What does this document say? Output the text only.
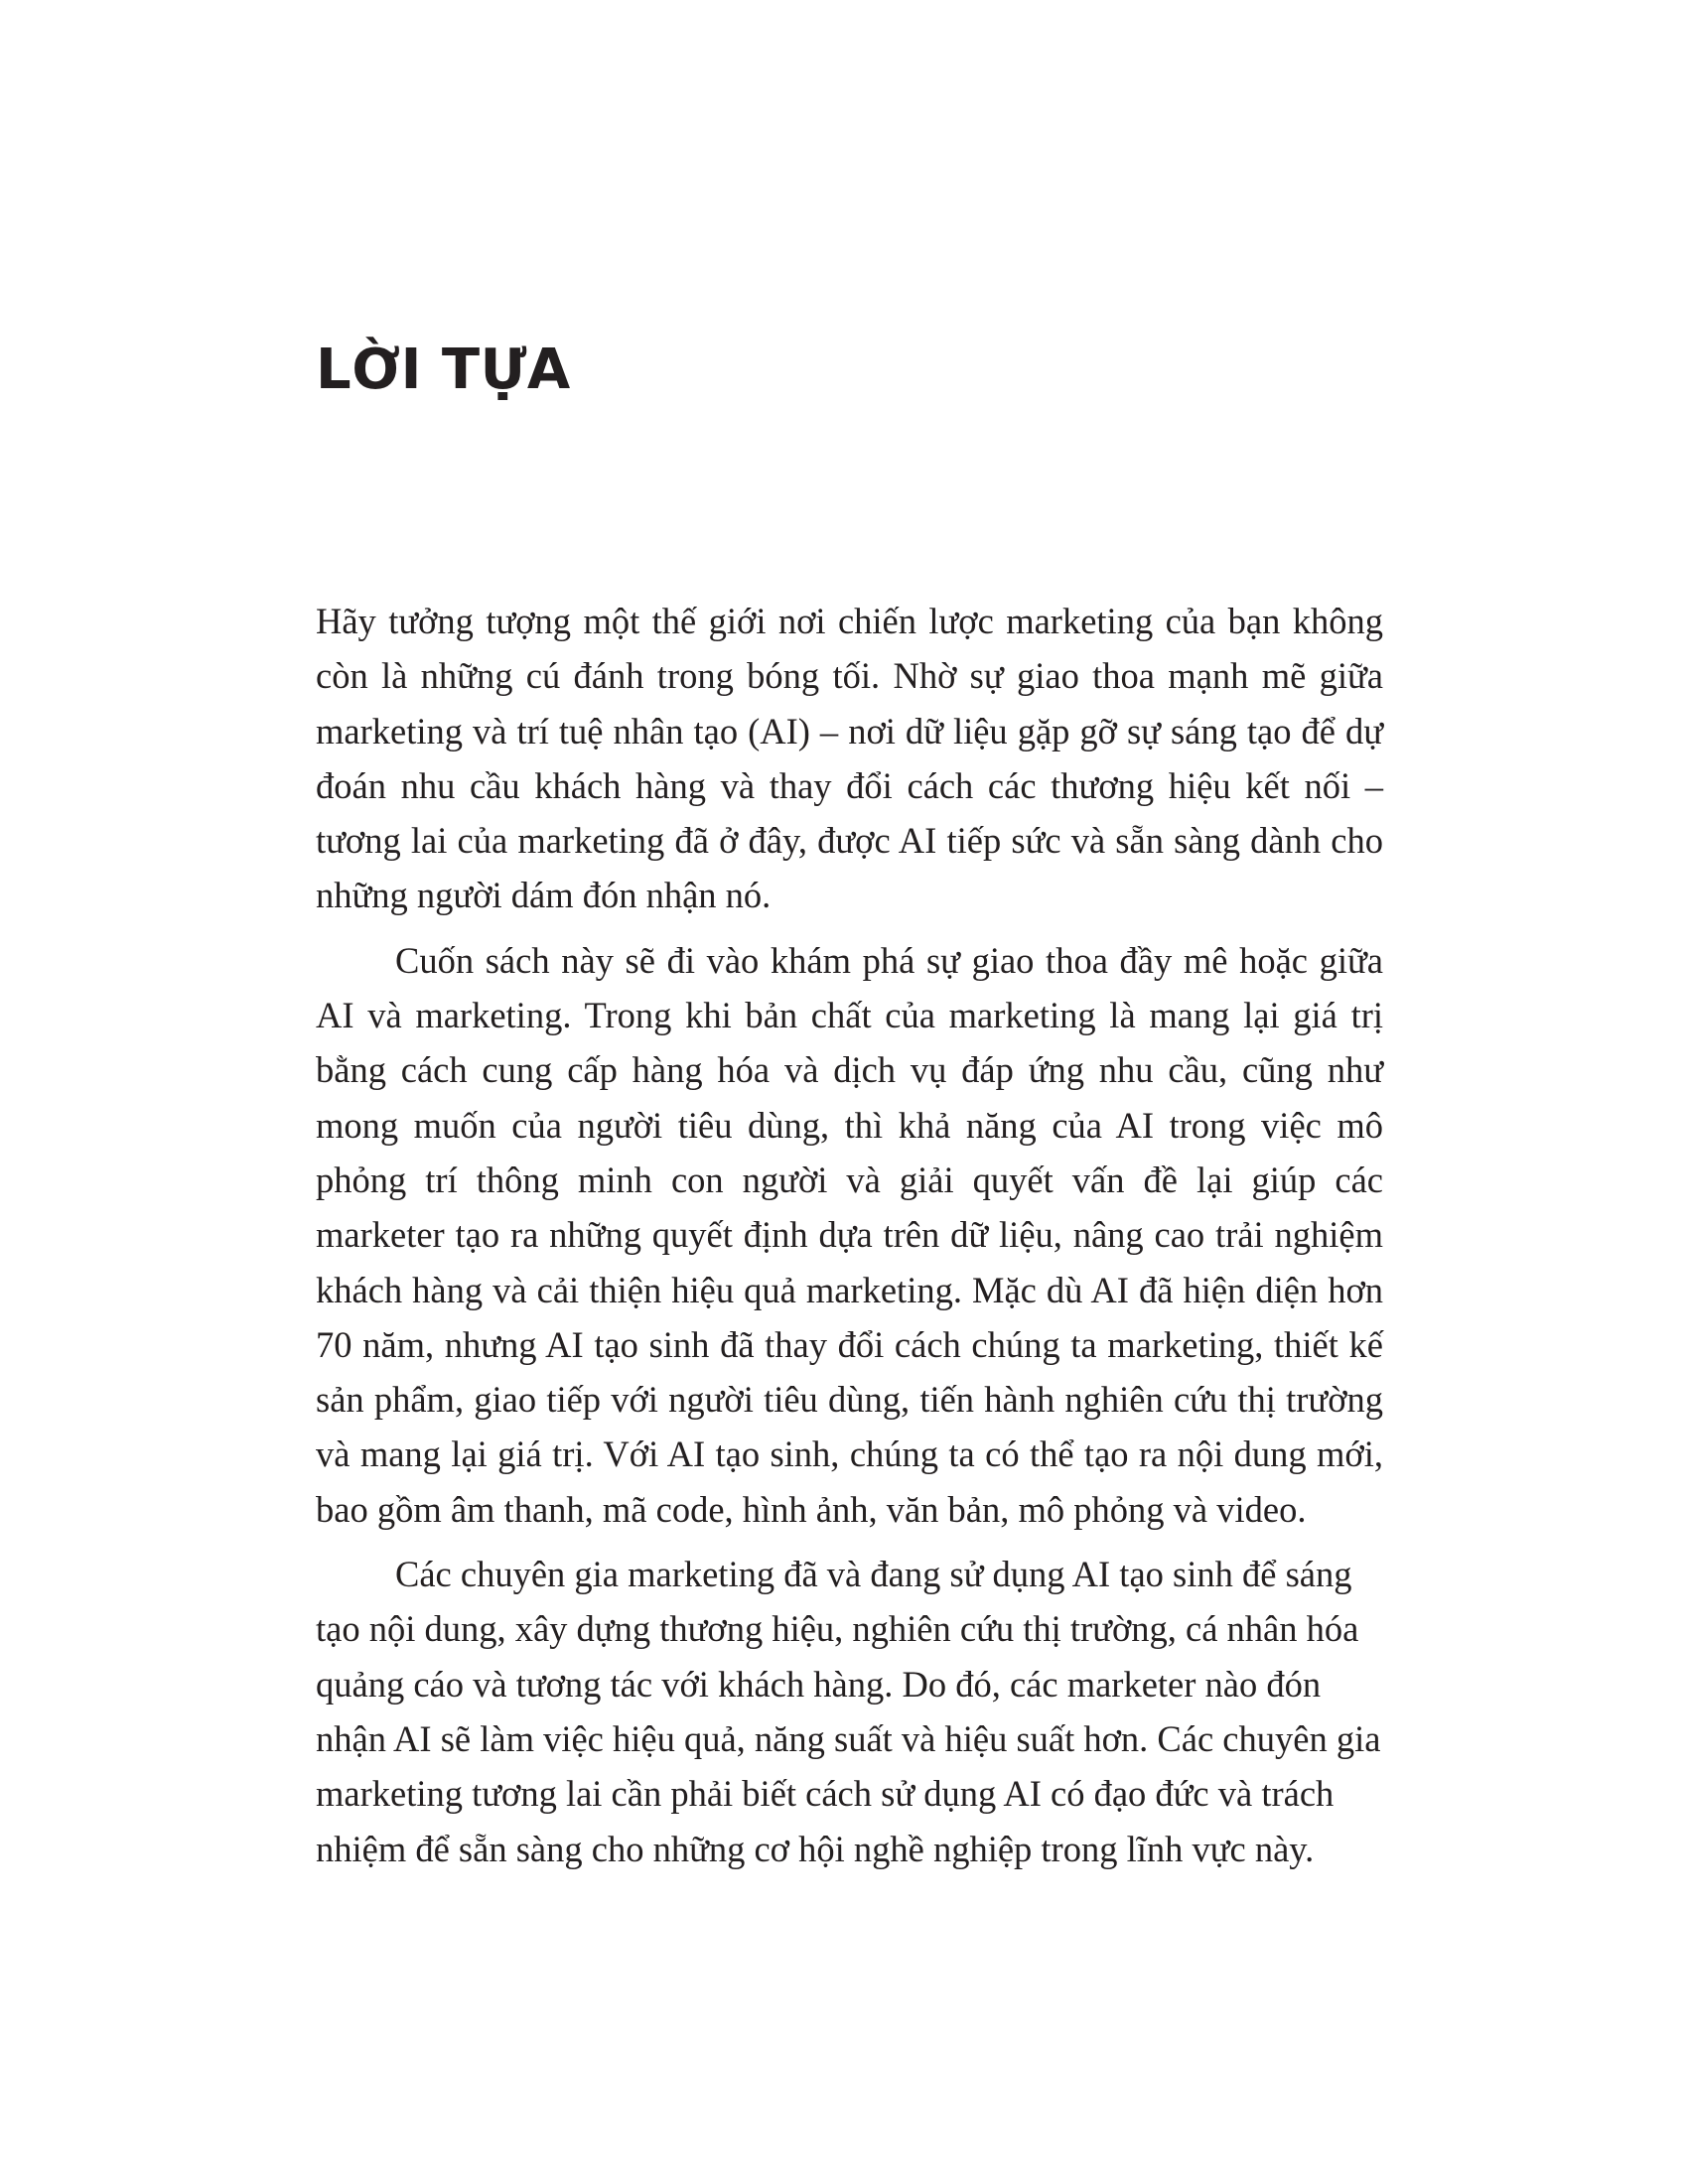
LỜI TỰA

Hãy tưởng tượng một thế giới nơi chiến lược marketing của bạn không còn là những cú đánh trong bóng tối. Nhờ sự giao thoa mạnh mẽ giữa marketing và trí tuệ nhân tạo (AI) – nơi dữ liệu gặp gỡ sự sáng tạo để dự đoán nhu cầu khách hàng và thay đổi cách các thương hiệu kết nối – tương lai của marketing đã ở đây, được AI tiếp sức và sẵn sàng dành cho những người dám đón nhận nó.

Cuốn sách này sẽ đi vào khám phá sự giao thoa đầy mê hoặc giữa AI và marketing. Trong khi bản chất của marketing là mang lại giá trị bằng cách cung cấp hàng hóa và dịch vụ đáp ứng nhu cầu, cũng như mong muốn của người tiêu dùng, thì khả năng của AI trong việc mô phỏng trí thông minh con người và giải quyết vấn đề lại giúp các marketer tạo ra những quyết định dựa trên dữ liệu, nâng cao trải nghiệm khách hàng và cải thiện hiệu quả marketing. Mặc dù AI đã hiện diện hơn 70 năm, nhưng AI tạo sinh đã thay đổi cách chúng ta marketing, thiết kế sản phẩm, giao tiếp với người tiêu dùng, tiến hành nghiên cứu thị trường và mang lại giá trị. Với AI tạo sinh, chúng ta có thể tạo ra nội dung mới, bao gồm âm thanh, mã code, hình ảnh, văn bản, mô phỏng và video.

Các chuyên gia marketing đã và đang sử dụng AI tạo sinh để sáng tạo nội dung, xây dựng thương hiệu, nghiên cứu thị trường, cá nhân hóa quảng cáo và tương tác với khách hàng. Do đó, các marketer nào đón nhận AI sẽ làm việc hiệu quả, năng suất và hiệu suất hơn. Các chuyên gia marketing tương lai cần phải biết cách sử dụng AI có đạo đức và trách nhiệm để sẵn sàng cho những cơ hội nghề nghiệp trong lĩnh vực này.
